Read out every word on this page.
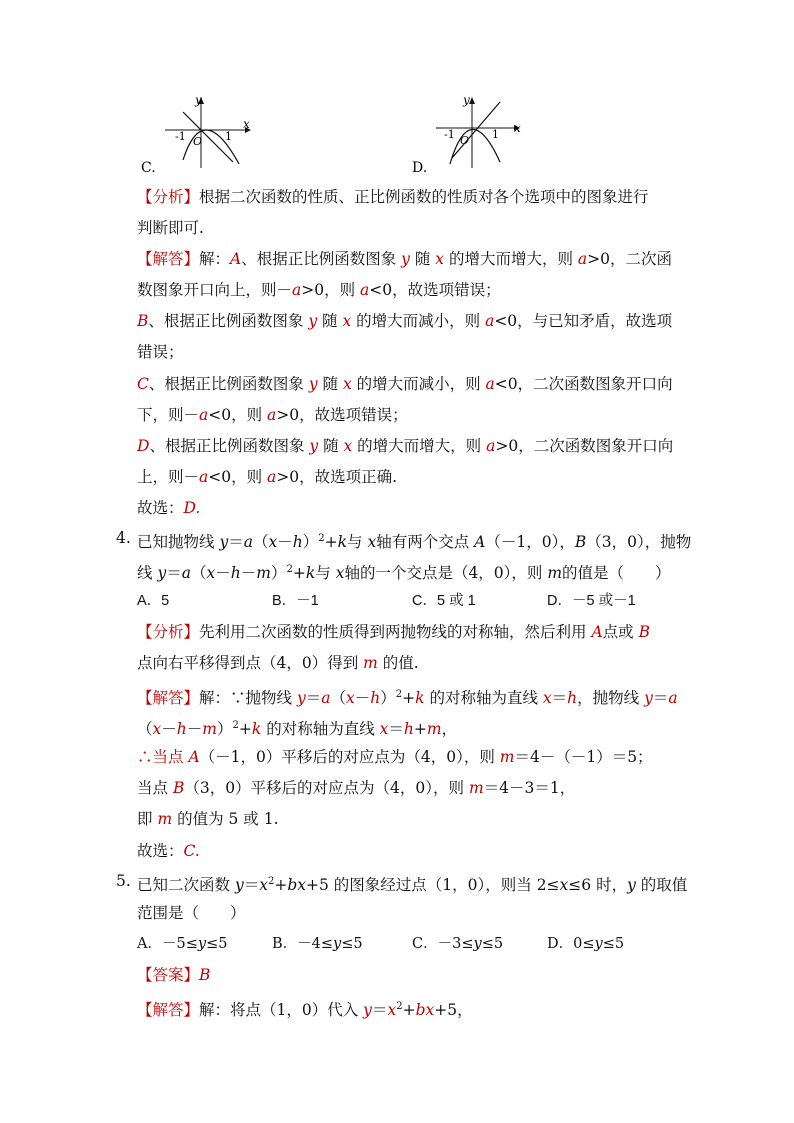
C.
y
x
-1	1
O
D.
y
x
-1	1
O
【分析】根据二次函数的性质、正比例函数的性质对各个选项中的图象进行
判断即可.
【解答】解：A、根据正比例函数图象 y 随 x 的增大而增大，则 a>0，二次函
数图象开口向上，则－a>0，则 a<0，故选项错误；
B、根据正比例函数图象 y 随 x 的增大而减小，则 a<0，与已知矛盾，故选项
错误；
C、根据正比例函数图象 y 随 x 的增大而减小，则 a<0，二次函数图象开口向
下，则－a<0，则 a>0，故选项错误；
D、根据正比例函数图象 y 随 x 的增大而增大，则 a>0，二次函数图象开口向
上，则－a<0，则 a>0，故选项正确.
故选：D.
4. 已知抛物线 $y=a(x-h)^2+k$与 x轴有两个交点 A（－1，0），B（3，0），抛物
线 $y=a(x-h-m)^2+k$与 x轴的一个交点是（4，0），则 m的值是（　　）
A．5	B．－1	C．5 或 1	D．－5 或－1
【分析】先利用二次函数的性质得到两抛物线的对称轴，然后利用 A点或 B
点向右平移得到点（4，0）得到 m 的值.
【解答】解：∵抛物线 $y=a(x-h)^2+k$ 的对称轴为直线 x＝h，抛物线 y＝a
$(x-h-m)^2+k$ 的对称轴为直线 x＝h+m，
∴当点 A（－1，0）平移后的对应点为（4，0），则 m＝4－（－1）＝5；
当点 B（3，0）平移后的对应点为（4，0），则 m＝4－3＝1，
即 m 的值为 5 或 1.
故选：C.
5. 已知二次函数 $y=x^2+bx+5$ 的图象经过点（1，0），则当 2≤x≤6 时，y 的取值
范围是（　　）
A．－5≤y≤5	B．－4≤y≤5	C．－3≤y≤5	D．0≤y≤5
【答案】B
【解答】解：将点（1，0）代入 $y=x^2+bx+5$，
